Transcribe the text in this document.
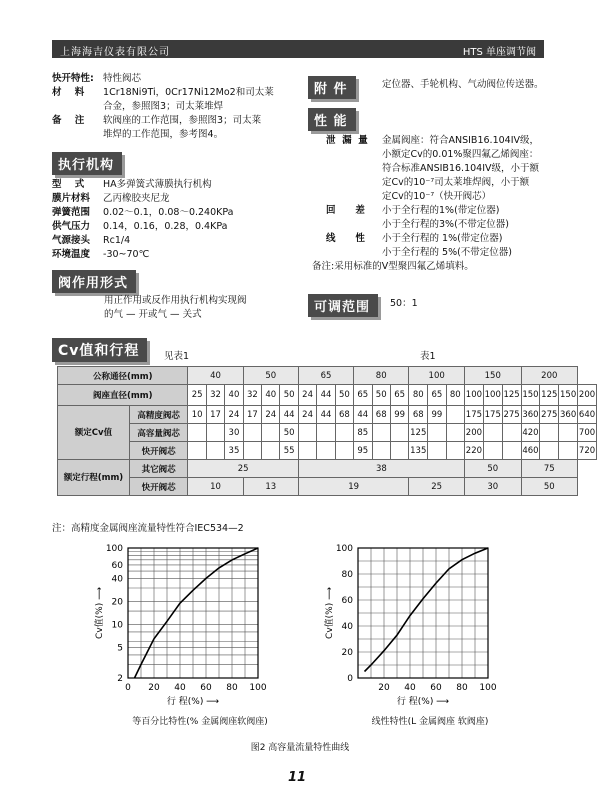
上海海吉仪表有限公司	HTS 单座调节阀
快开特性: 特性阀芯
材    料 1Cr18Ni9Ti，0Cr17Ni12Mo2和司太莱
合金，参照图3；司太莱堆焊
备    注 软阀座的工作范围，参照图3；司太莱
堆焊的工作范围，参考图4。
执行机构
型    式 HA多弹簧式薄膜执行机构
膜片材料 乙丙橡胶夹尼龙
弹簧范围 0.02～0.1，0.08～0.240KPa
供气压力 0.14，0.16，0.28，0.4KPa
气源接头 Rc1/4
环境温度 -30~70℃
阀作用形式
用正作用或反作用执行机构实现阀
的气 — 开或气 — 关式
附 件	定位器、手轮机构、气动阀位传送器。
性 能
泄  漏  量	金属阀座：符合ANSIB16.104IV级，
小额定Cv的0.01%聚四氟乙烯阀座：
符合标准ANSIB16.104IV级，小于额
定Cv的10⁻⁷司太莱堆焊阀，小于额
定Cv的10⁻⁷（快开阀芯）
回      差	小于全行程的1%(带定位器)
小于全行程的3%(不带定位器)
线      性	小于全行程的 1%(带定位器)
小于全行程的 5%(不带定位器)
备注:采用标准的V型聚四氟乙烯填料。
可调范围	50：1
Cv值和行程	见表1	表1
公称通径(mm)		40			50			65			80			100			150			200			
阀座直径(mm)		25	32	40	32	40	50	24	44	50	65	50	65	80	65	80	100	100	125	150	125	150	200
额定Cv值	高精度阀芯	10	17	24	17	24	44	24	44	68	44	68	99	68	99		175	175	275	360	275	360	640
	高容量阀芯			30			50				85			125			200			420			700
	快开阀芯			35			55				95			135			220			460			720
额定行程(mm)	其它阀芯	25						38									50			75			
	快开阀芯	10			13			19						25			30			50			
注：高精度金属阀座流量特性符合IEC534—2
0 20 40 60 80 100
2
5
10
20
40
60
100
行 程(%) ⟶
Cv值(%) ⟶
20 40 60 80 100
0
20
40
60
80
100
行 程(%) ⟶
Cv值(%) ⟶
等百分比特性(% 金属阀座软阀座)	线性特性(L 金属阀座 软阀座)
图2 高容量流量特性曲线
11
